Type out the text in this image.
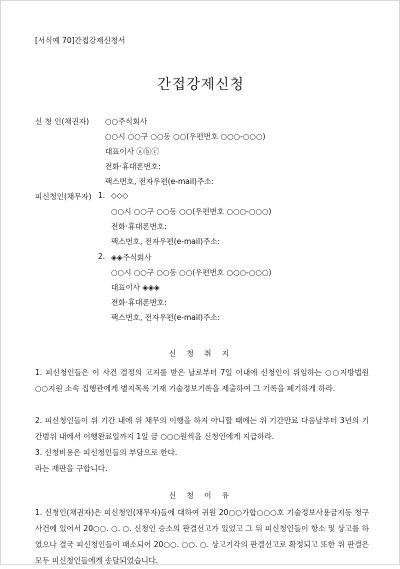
[서식예 70]간접강제신청서
간접강제신청
신 청 인(채권자) ○○주식회사
○○시 ○○구 ○○동 ○○(우편번호 ○○○-○○○)
대표이사 ⓐⓑⓒ
전화·휴대폰번호:
팩스번호, 전자우편(e-mail)주소:
피신청인(채무자) 1. ◇◇◇
○○시 ○○구 ○○동 ○○(우편번호 ○○○-○○○)
전화·휴대폰번호:
팩스번호, 전자우편(e-mail)주소:
2. ◈◈주식회사
○○시 ○○구 ○○동 ○○(우편번호 ○○○-○○○)
대표이사 ◈◈◈
전화·휴대폰번호:
팩스번호, 전자우편(e-mail)주소:
신 청 취 지
1. 피신청인들은 이 사건 결정의 고지를 받은 날로부터 7일 이내에 신청인이 위임하는 ○○지방법원 ○○지원 소속 집행관에게 별지목록 기재 기술정보기록을 제출하여 그 기록을 폐기하게 하라.
2. 피신청인들이 위 기간 내에 위 채무의 이행을 하지 아니할 때에는 위 기간만료 다음날부터 3년의 기간범위 내에서 이행완료일까지 1일 금 ○○○원씩을 신청인에게 지급하라.
3. 신청비용은 피신청인들의 부담으로 한다.
라는 재판을 구합니다.
신 청 이 유
1. 신청인(채권자)은 피신청인(채무자)들에 대하여 귀원 20○○가합○○○호 기술정보사용금지등 청구사건에 있어서 20○○. ○. ○. 신청인 승소의 판결선고가 있었고 그 뒤 피신청인들이 항소 및 상고를 하였으나 결국 피신청인들이 패소되어 20○○. ○○. ○. 상고기각의 판결선고로 확정되고 또한 위 판결은 모두 피신청인들에게 송달되었습니다.
